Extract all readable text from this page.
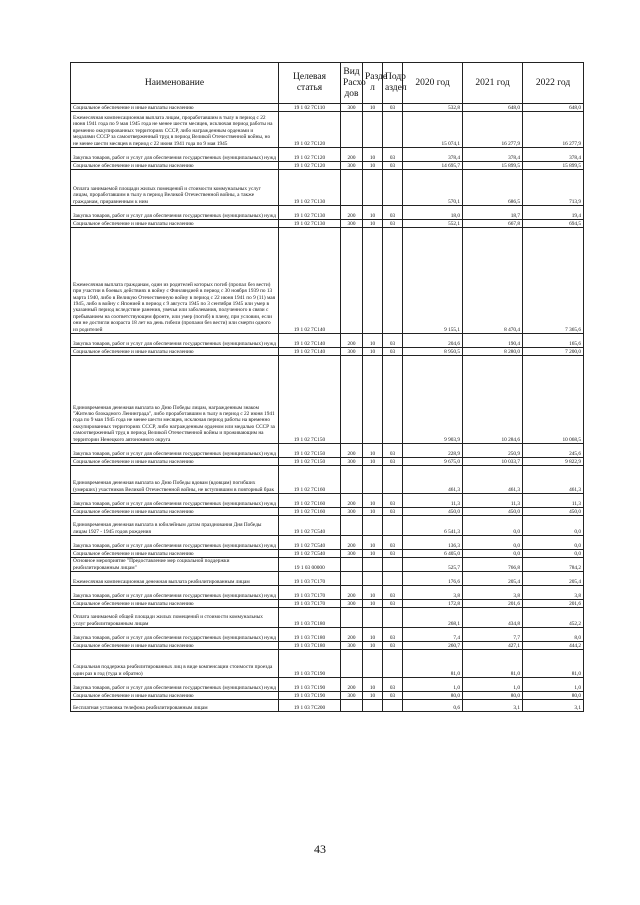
Наименование	Целевая статья	Вид Расхо дов	Разде л	Подр аздел	2020 год	2021 год	2022 год
Социальное обеспечение и иные выплаты населению	19 1 02 7C110	300	10	03	532,8	648,0	648,0
Ежемесячная компенсационная выплата лицам, проработавшим в тылу в период с 22 июня 1941 года по 9 мая 1945 года не менее шести месяцев, исключая период работы на временно оккупированных территориях СССР, либо награжденным орденами и медалями СССР за самоотверженный труд в период Великой Отечественной войны, но не менее шести месяцев в период с 22 июня 1941 года по 9 мая 1945	19 1 02 7C120				15 074,1	16 277,9	16 277,9
Закупка товаров, работ и услуг для обеспечения государственных (муниципальных) нужд	19 1 02 7C120	200	10	03	378,4	378,4	378,4
Социальное обеспечение и иные выплаты населению	19 1 02 7C120	300	10	03	14 695,7	15 899,5	15 899,5
Оплата занимаемой площади жилых помещений и стоимости коммунальных услуг лицам, проработавшим в тылу в период Великой Отечественной войны, а также гражданам, приравненным к ним	19 1 02 7C130				570,1	686,5	713,9
Закупка товаров, работ и услуг для обеспечения государственных (муниципальных) нужд	19 1 02 7C130	200	10	03	18,0	18,7	19,4
Социальное обеспечение и иные выплаты населению	19 1 02 7C130	300	10	03	552,1	667,8	694,5
Ежемесячная выплата гражданам, один из родителей которых погиб (пропал без вести) при участии в боевых действиях в войну с Финляндией в период с 30 ноября 1939 по 13 марта 1940, либо в Великую Отечественную войну в период с 22 июня 1941 по 9 (11) мая 1945, либо в войну с Японией в период с 9 августа 1945 по 3 сентября 1945 или умер в указанный период вследствие ранения, увечья или заболевания, полученного в связи с пребыванием на соответствующем фронте, или умер (погиб) в плену, при условии, если они не достигли возраста 18 лет на день гибели (пропажи без вести) или смерти одного из родителей	19 1 02 7C140				9 155,1	8 470,4	7 365,6
Закупка товаров, работ и услуг для обеспечения государственных (муниципальных) нужд	19 1 02 7C140	200	10	03	204,6	190,4	165,6
Социальное обеспечение и иные выплаты населению	19 1 02 7C140	300	10	03	8 950,5	8 280,0	7 200,0
Единовременная денежная выплата ко Дню Победы лицам, награжденным знаком "Жителю блокадного Ленинграда", либо проработавшим в тылу в период с 22 июня 1941 года по 9 мая 1945 года не менее шести месяцев, исключая период работы на временно оккупированных территориях СССР, либо награжденным орденом или медалью СССР за самоотверженный труд в период Великой Отечественной войны и проживающим на территории Ненецкого автономного округа	19 1 02 7C150				9 903,9	10 284,6	10 068,5
Закупка товаров, работ и услуг для обеспечения государственных (муниципальных) нужд	19 1 02 7C150	200	10	03	228,9	250,9	245,6
Социальное обеспечение и иные выплаты населению	19 1 02 7C150	300	10	03	9 675,0	10 033,7	9 822,9
Единовременная денежная выплата ко Дню Победы вдовам (вдовцам) погибших (умерших) участников Великой Отечественной войны, не вступившим в повторный брак	19 1 02 7C160				461,3	461,3	461,3
Закупка товаров, работ и услуг для обеспечения государственных (муниципальных) нужд	19 1 02 7C160	200	10	03	11,3	11,3	11,3
Социальное обеспечение и иные выплаты населению	19 1 02 7C160	300	10	03	450,0	450,0	450,0
Единовременная денежная выплата в юбилейным датам празднования Дня Победы лицам 1927 - 1945 годов рождения	19 1 02 7C540				6 541,3	0,0	0,0
Закупка товаров, работ и услуг для обеспечения государственных (муниципальных) нужд	19 1 02 7C540	200	10	03	136,3	0,0	0,0
Социальное обеспечение и иные выплаты населению	19 1 02 7C540	300	10	03	6 405,0	0,0	0,0
Основное мероприятие "Предоставление мер социальной поддержки реабилитированным лицам"	19 1 03 00000				525,7	766,8	784,2
Ежемесячная компенсационная денежная выплата реабилитированным лицам	19 1 03 7C170				176,6	205,4	205,4
Закупка товаров, работ и услуг для обеспечения государственных (муниципальных) нужд	19 1 03 7C170	200	10	03	3,8	3,8	3,8
Социальное обеспечение и иные выплаты населению	19 1 03 7C170	300	10	03	172,8	201,6	201,6
Оплата занимаемой общей площади жилых помещений и стоимости коммунальных услуг реабилитированным лицам	19 1 03 7C180				268,1	434,8	452,2
Закупка товаров, работ и услуг для обеспечения государственных (муниципальных) нужд	19 1 03 7C180	200	10	03	7,4	7,7	8,0
Социальное обеспечение и иные выплаты населению	19 1 03 7C180	300	10	03	260,7	427,1	444,2
Социальная поддержка реабилитированных лиц в виде компенсации стоимости проезда один раз в год (туда и обратно)	19 1 03 7C190				81,0	81,0	81,0
Закупка товаров, работ и услуг для обеспечения государственных (муниципальных) нужд	19 1 03 7C190	200	10	03	1,0	1,0	1,0
Социальное обеспечение и иные выплаты населению	19 1 03 7C190	300	10	03	80,0	80,0	80,0
Бесплатная установка телефона реабилитированным лицам	19 1 03 7C200				0,6	3,1	3,1
43
